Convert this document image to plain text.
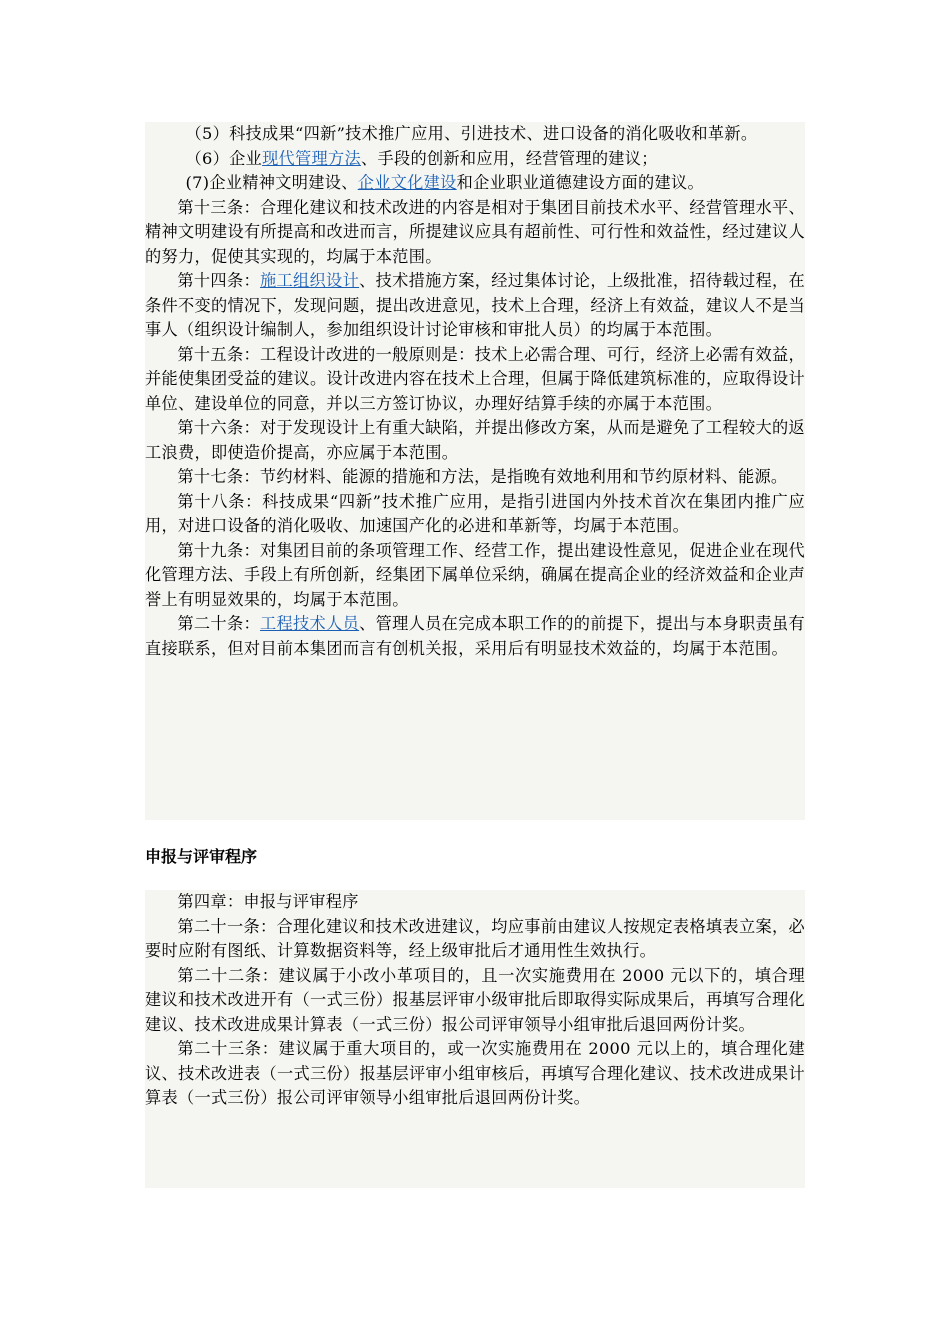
（5）科技成果“四新”技术推广应用、引进技术、进口设备的消化吸收和革新。

（6）企业现代管理方法、手段的创新和应用，经营管理的建议；

(7)企业精神文明建设、企业文化建设和企业职业道德建设方面的建议。

第十三条：合理化建议和技术改进的内容是相对于集团目前技术水平、经营管理水平、精神文明建设有所提高和改进而言，所提建议应具有超前性、可行性和效益性，经过建议人的努力，促使其实现的，均属于本范围。

第十四条：施工组织设计、技术措施方案，经过集体讨论，上级批准，招待载过程，在条件不变的情况下，发现问题，提出改进意见，技术上合理，经济上有效益，建议人不是当事人（组织设计编制人，参加组织设计讨论审核和审批人员）的均属于本范围。

第十五条：工程设计改进的一般原则是：技术上必需合理、可行，经济上必需有效益，并能使集团受益的建议。设计改进内容在技术上合理，但属于降低建筑标准的，应取得设计单位、建设单位的同意，并以三方签订协议，办理好结算手续的亦属于本范围。

第十六条：对于发现设计上有重大缺陷，并提出修改方案，从而是避免了工程较大的返工浪费，即使造价提高，亦应属于本范围。

第十七条：节约材料、能源的措施和方法，是指晚有效地利用和节约原材料、能源。

第十八条：科技成果“四新”技术推广应用，是指引进国内外技术首次在集团内推广应用，对进口设备的消化吸收、加速国产化的必进和革新等，均属于本范围。

第十九条：对集团目前的条项管理工作、经营工作，提出建设性意见，促进企业在现代化管理方法、手段上有所创新，经集团下属单位采纳，确属在提高企业的经济效益和企业声誉上有明显效果的，均属于本范围。

第二十条：工程技术人员、管理人员在完成本职工作的的前提下，提出与本身职责虽有直接联系，但对目前本集团而言有创机关报，采用后有明显技术效益的，均属于本范围。

申报与评审程序

第四章：申报与评审程序

第二十一条：合理化建议和技术改进建议，均应事前由建议人按规定表格填表立案，必要时应附有图纸、计算数据资料等，经上级审批后才通用性生效执行。

第二十二条：建议属于小改小革项目的，且一次实施费用在 2000 元以下的，填合理建议和技术改进开有（一式三份）报基层评审小级审批后即取得实际成果后，再填写合理化建议、技术改进成果计算表（一式三份）报公司评审领导小组审批后退回两份计奖。

第二十三条：建议属于重大项目的，或一次实施费用在 2000 元以上的，填合理化建议、技术改进表（一式三份）报基层评审小组审核后，再填写合理化建议、技术改进成果计算表（一式三份）报公司评审领导小组审批后退回两份计奖。
